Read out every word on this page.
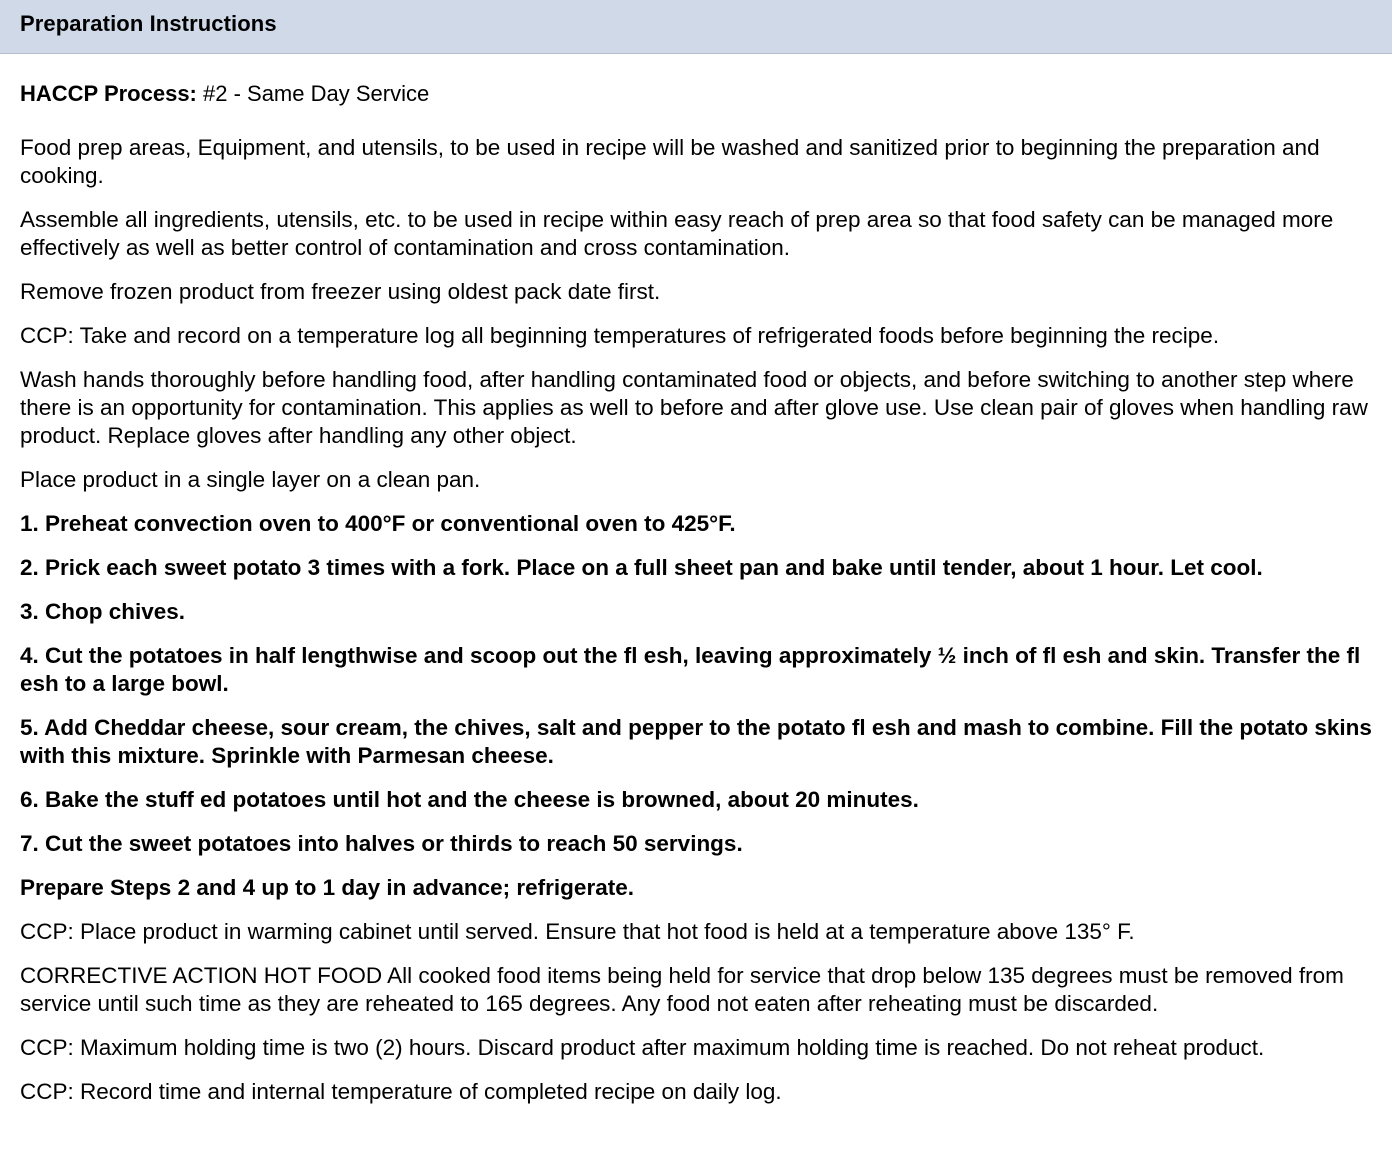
Preparation Instructions
HACCP Process: #2 - Same Day Service
Food prep areas, Equipment, and utensils, to be used in recipe will be washed and sanitized prior to beginning the preparation and cooking.
Assemble all ingredients, utensils, etc. to be used in recipe within easy reach of prep area so that food safety can be managed more effectively as well as better control of contamination and cross contamination.
Remove frozen product from freezer using oldest pack date first.
CCP: Take and record on a temperature log all beginning temperatures of refrigerated foods before beginning the recipe.
Wash hands thoroughly before handling food, after handling contaminated food or objects, and before switching to another step where there is an opportunity for contamination. This applies as well to before and after glove use. Use clean pair of gloves when handling raw product. Replace gloves after handling any other object.
Place product in a single layer on a clean pan.
1. Preheat convection oven to 400°F or conventional oven to 425°F.
2. Prick each sweet potato 3 times with a fork. Place on a full sheet pan and bake until tender, about 1 hour. Let cool.
3. Chop chives.
4. Cut the potatoes in half lengthwise and scoop out the fl esh, leaving approximately ½ inch of fl esh and skin. Transfer the fl esh to a large bowl.
5. Add Cheddar cheese, sour cream, the chives, salt and pepper to the potato fl esh and mash to combine. Fill the potato skins with this mixture. Sprinkle with Parmesan cheese.
6. Bake the stuff ed potatoes until hot and the cheese is browned, about 20 minutes.
7. Cut the sweet potatoes into halves or thirds to reach 50 servings.
Prepare Steps 2 and 4 up to 1 day in advance; refrigerate.
CCP: Place product in warming cabinet until served. Ensure that hot food is held at a temperature above 135° F.
CORRECTIVE ACTION HOT FOOD All cooked food items being held for service that drop below 135 degrees must be removed from service until such time as they are reheated to 165 degrees. Any food not eaten after reheating must be discarded.
CCP: Maximum holding time is two (2) hours. Discard product after maximum holding time is reached. Do not reheat product.
CCP: Record time and internal temperature of completed recipe on daily log.
